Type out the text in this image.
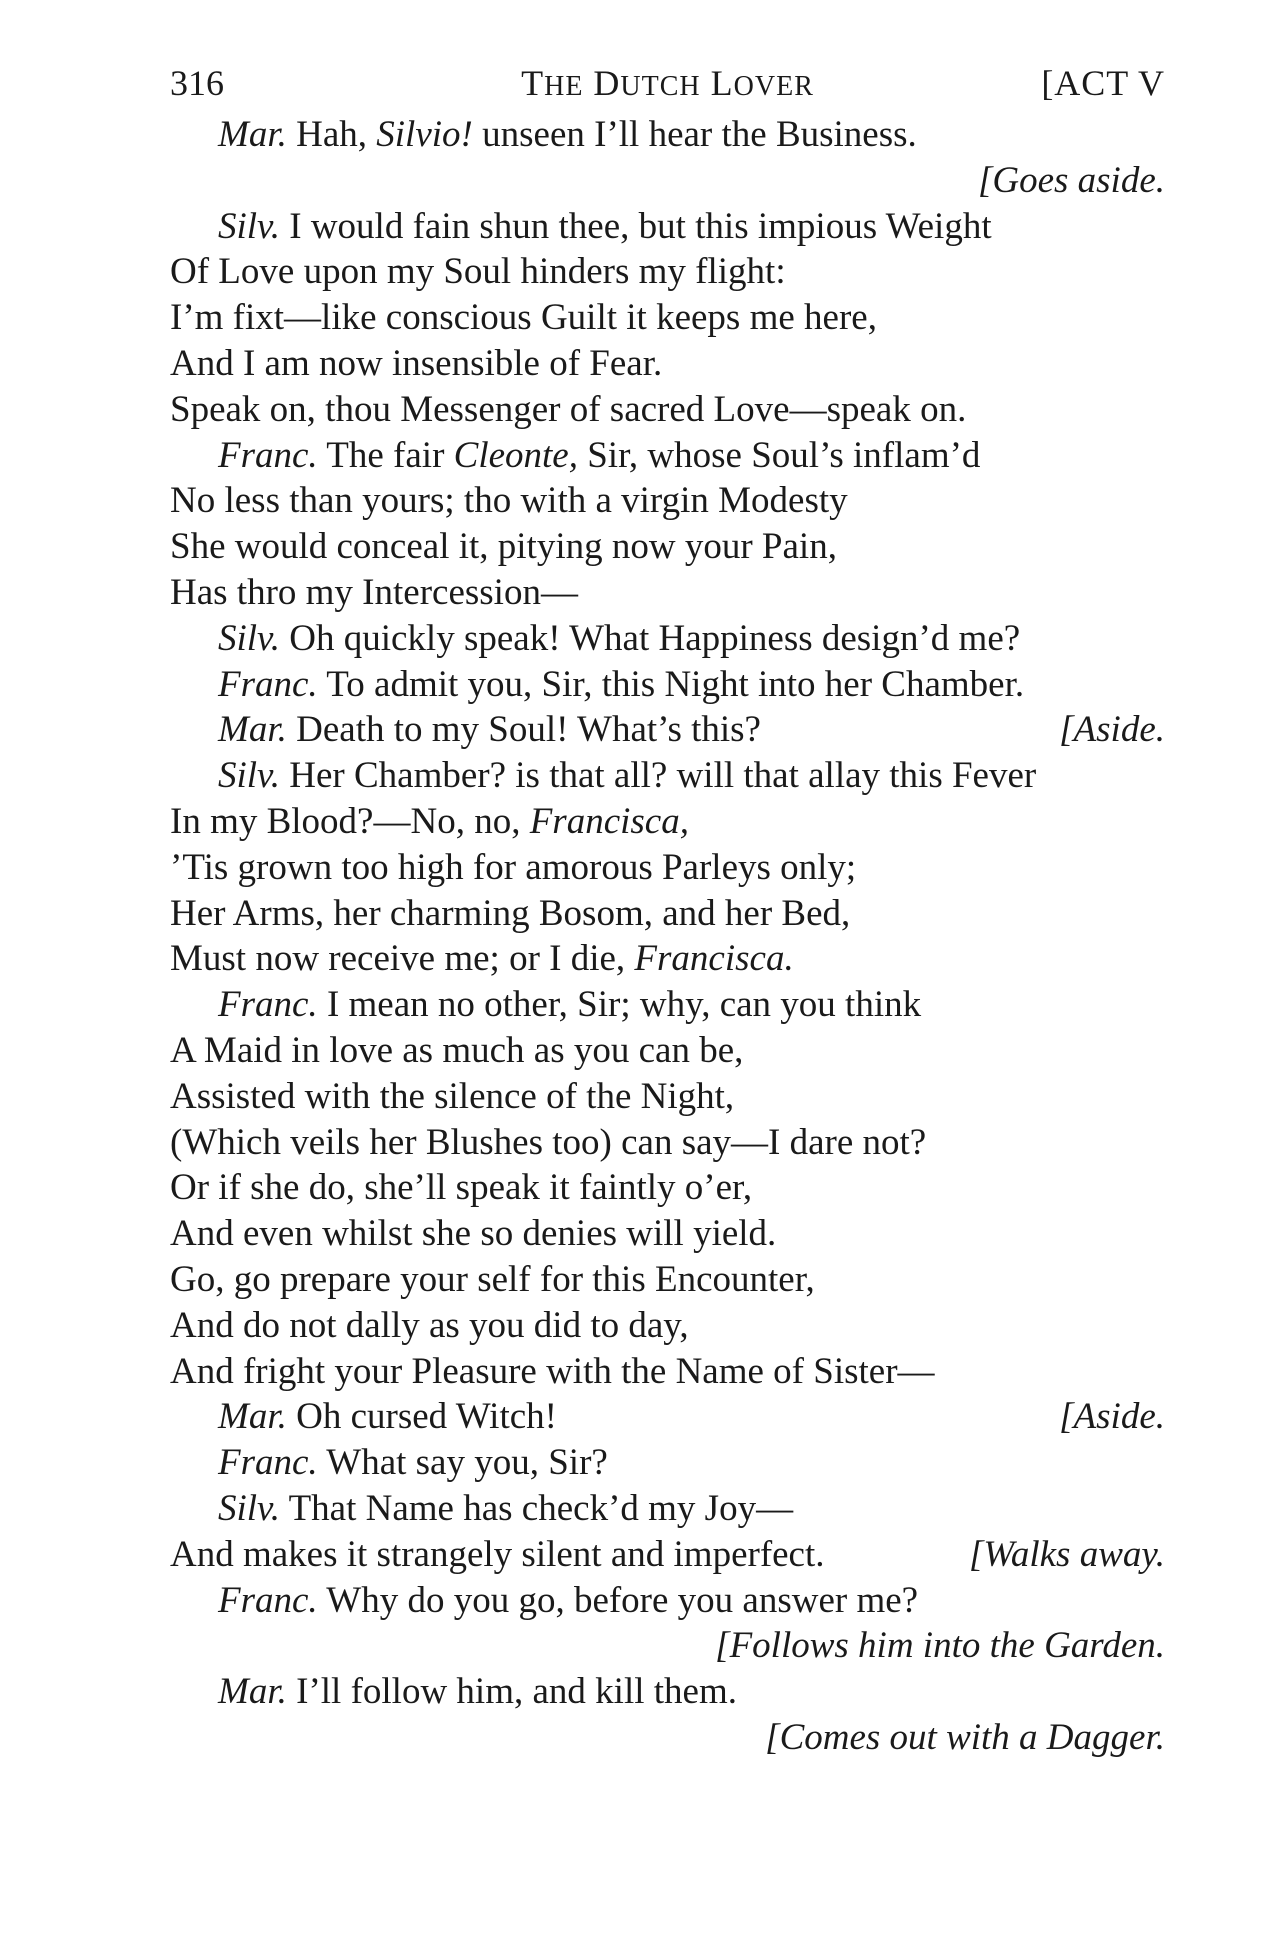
316	THE DUTCH LOVER	[ACT V
Mar. Hah, Silvio! unseen I’ll hear the Business.
[Goes aside.
Silv. I would fain shun thee, but this impious Weight
Of Love upon my Soul hinders my flight:
I’m fixt—like conscious Guilt it keeps me here,
And I am now insensible of Fear.
Speak on, thou Messenger of sacred Love—speak on.
Franc. The fair Cleonte, Sir, whose Soul’s inflam’d
No less than yours; tho with a virgin Modesty
She would conceal it, pitying now your Pain,
Has thro my Intercession—
Silv. Oh quickly speak! What Happiness design’d me?
Franc. To admit you, Sir, this Night into her Chamber.
Mar. Death to my Soul! What’s this?	[Aside.
Silv. Her Chamber? is that all? will that allay this Fever
In my Blood?—No, no, Francisca,
’Tis grown too high for amorous Parleys only;
Her Arms, her charming Bosom, and her Bed,
Must now receive me; or I die, Francisca.
Franc. I mean no other, Sir; why, can you think
A Maid in love as much as you can be,
Assisted with the silence of the Night,
(Which veils her Blushes too) can say—I dare not?
Or if she do, she’ll speak it faintly o’er,
And even whilst she so denies will yield.
Go, go prepare your self for this Encounter,
And do not dally as you did to day,
And fright your Pleasure with the Name of Sister—
Mar. Oh cursed Witch!	[Aside.
Franc. What say you, Sir?
Silv. That Name has check’d my Joy—
And makes it strangely silent and imperfect.	[Walks away.
Franc. Why do you go, before you answer me?
[Follows him into the Garden.
Mar. I’ll follow him, and kill them.
[Comes out with a Dagger.
